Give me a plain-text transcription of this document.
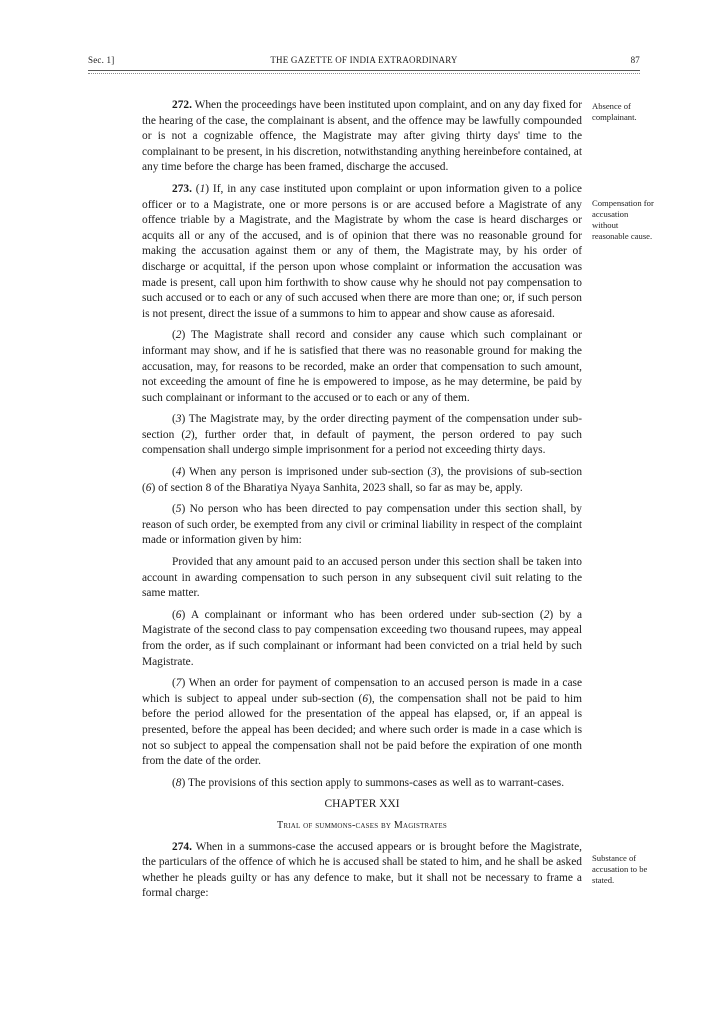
Sec. 1]	THE GAZETTE OF INDIA EXTRAORDINARY	87

272. When the proceedings have been instituted upon complaint, and on any day fixed for the hearing of the case, the complainant is absent, and the offence may be lawfully compounded or is not a cognizable offence, the Magistrate may after giving thirty days' time to the complainant to be present, in his discretion, notwithstanding anything hereinbefore contained, at any time before the charge has been framed, discharge the accused.

273. (1) If, in any case instituted upon complaint or upon information given to a police officer or to a Magistrate, one or more persons is or are accused before a Magistrate of any offence triable by a Magistrate, and the Magistrate by whom the case is heard discharges or acquits all or any of the accused, and is of opinion that there was no reasonable ground for making the accusation against them or any of them, the Magistrate may, by his order of discharge or acquittal, if the person upon whose complaint or information the accusation was made is present, call upon him forthwith to show cause why he should not pay compensation to such accused or to each or any of such accused when there are more than one; or, if such person is not present, direct the issue of a summons to him to appear and show cause as aforesaid.

(2) The Magistrate shall record and consider any cause which such complainant or informant may show, and if he is satisfied that there was no reasonable ground for making the accusation, may, for reasons to be recorded, make an order that compensation to such amount, not exceeding the amount of fine he is empowered to impose, as he may determine, be paid by such complainant or informant to the accused or to each or any of them.

(3) The Magistrate may, by the order directing payment of the compensation under sub-section (2), further order that, in default of payment, the person ordered to pay such compensation shall undergo simple imprisonment for a period not exceeding thirty days.

(4) When any person is imprisoned under sub-section (3), the provisions of sub-section (6) of section 8 of the Bharatiya Nyaya Sanhita, 2023 shall, so far as may be, apply.

(5) No person who has been directed to pay compensation under this section shall, by reason of such order, be exempted from any civil or criminal liability in respect of the complaint made or information given by him:

Provided that any amount paid to an accused person under this section shall be taken into account in awarding compensation to such person in any subsequent civil suit relating to the same matter.

(6) A complainant or informant who has been ordered under sub-section (2) by a Magistrate of the second class to pay compensation exceeding two thousand rupees, may appeal from the order, as if such complainant or informant had been convicted on a trial held by such Magistrate.

(7) When an order for payment of compensation to an accused person is made in a case which is subject to appeal under sub-section (6), the compensation shall not be paid to him before the period allowed for the presentation of the appeal has elapsed, or, if an appeal is presented, before the appeal has been decided; and where such order is made in a case which is not so subject to appeal the compensation shall not be paid before the expiration of one month from the date of the order.

(8) The provisions of this section apply to summons-cases as well as to warrant-cases.

CHAPTER XXI
Trial of summons-cases by Magistrates

274. When in a summons-case the accused appears or is brought before the Magistrate, the particulars of the offence of which he is accused shall be stated to him, and he shall be asked whether he pleads guilty or has any defence to make, but it shall not be necessary to frame a formal charge:

Absence of complainant.
Compensation for accusation without reasonable cause.
Substance of accusation to be stated.
